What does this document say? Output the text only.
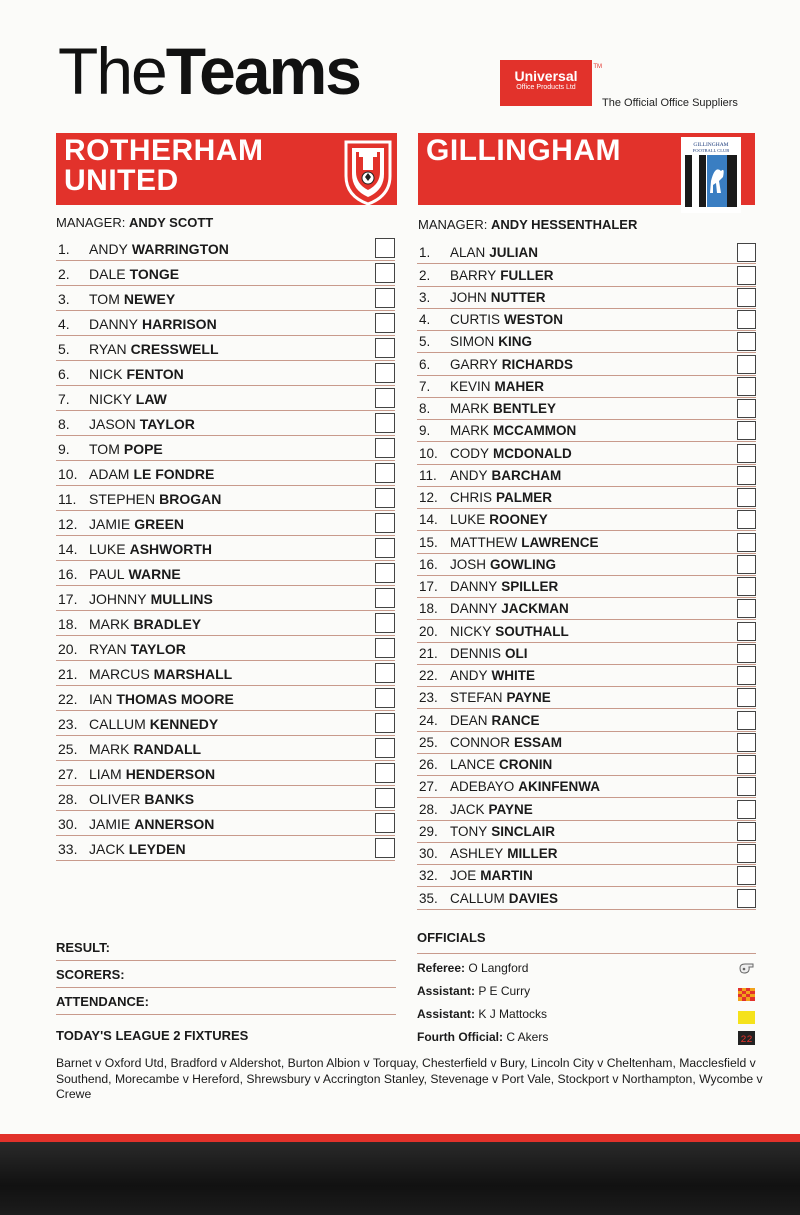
TheTeams	Universal
Office Products Ltd
TM
The Official Office Suppliers
ROTHERHAM
UNITED
MANAGER: ANDY SCOTT
1. ANDY WARRINGTON
2. DALE TONGE
3. TOM NEWEY
4. DANNY HARRISON
5. RYAN CRESSWELL
6. NICK FENTON
7. NICKY LAW
8. JASON TAYLOR
9. TOM POPE
10. ADAM LE FONDRE
11. STEPHEN BROGAN
12. JAMIE GREEN
14. LUKE ASHWORTH
16. PAUL WARNE
17. JOHNNY MULLINS
18. MARK BRADLEY
20. RYAN TAYLOR
21. MARCUS MARSHALL
22. IAN THOMAS MOORE
23. CALLUM KENNEDY
25. MARK RANDALL
27. LIAM HENDERSON
28. OLIVER BANKS
30. JAMIE ANNERSON
33. JACK LEYDEN
GILLINGHAM	GILLINGHAM
FOOTBALL CLUB
MANAGER: ANDY HESSENTHALER
1. ALAN JULIAN
2. BARRY FULLER
3. JOHN NUTTER
4. CURTIS WESTON
5. SIMON KING
6. GARRY RICHARDS
7. KEVIN MAHER
8. MARK BENTLEY
9. MARK MCCAMMON
10. CODY MCDONALD
11. ANDY BARCHAM
12. CHRIS PALMER
14. LUKE ROONEY
15. MATTHEW LAWRENCE
16. JOSH GOWLING
17. DANNY SPILLER
18. DANNY JACKMAN
20. NICKY SOUTHALL
21. DENNIS OLI
22. ANDY WHITE
23. STEFAN PAYNE
24. DEAN RANCE
25. CONNOR ESSAM
26. LANCE CRONIN
27. ADEBAYO AKINFENWA
28. JACK PAYNE
29. TONY SINCLAIR
30. ASHLEY MILLER
32. JOE MARTIN
35. CALLUM DAVIES
RESULT:
SCORERS:
ATTENDANCE:
TODAY'S LEAGUE 2 FIXTURES
OFFICIALS
Referee: O Langford
Assistant: P E Curry
Assistant: K J Mattocks
Fourth Official: C Akers	22
Barnet v Oxford Utd, Bradford v Aldershot, Burton Albion v Torquay, Chesterfield v Bury, Lincoln City v Cheltenham, Macclesfield v Southend, Morecambe v Hereford, Shrewsbury v Accrington Stanley, Stevenage v Port Vale, Stockport v Northampton, Wycombe v Crewe
